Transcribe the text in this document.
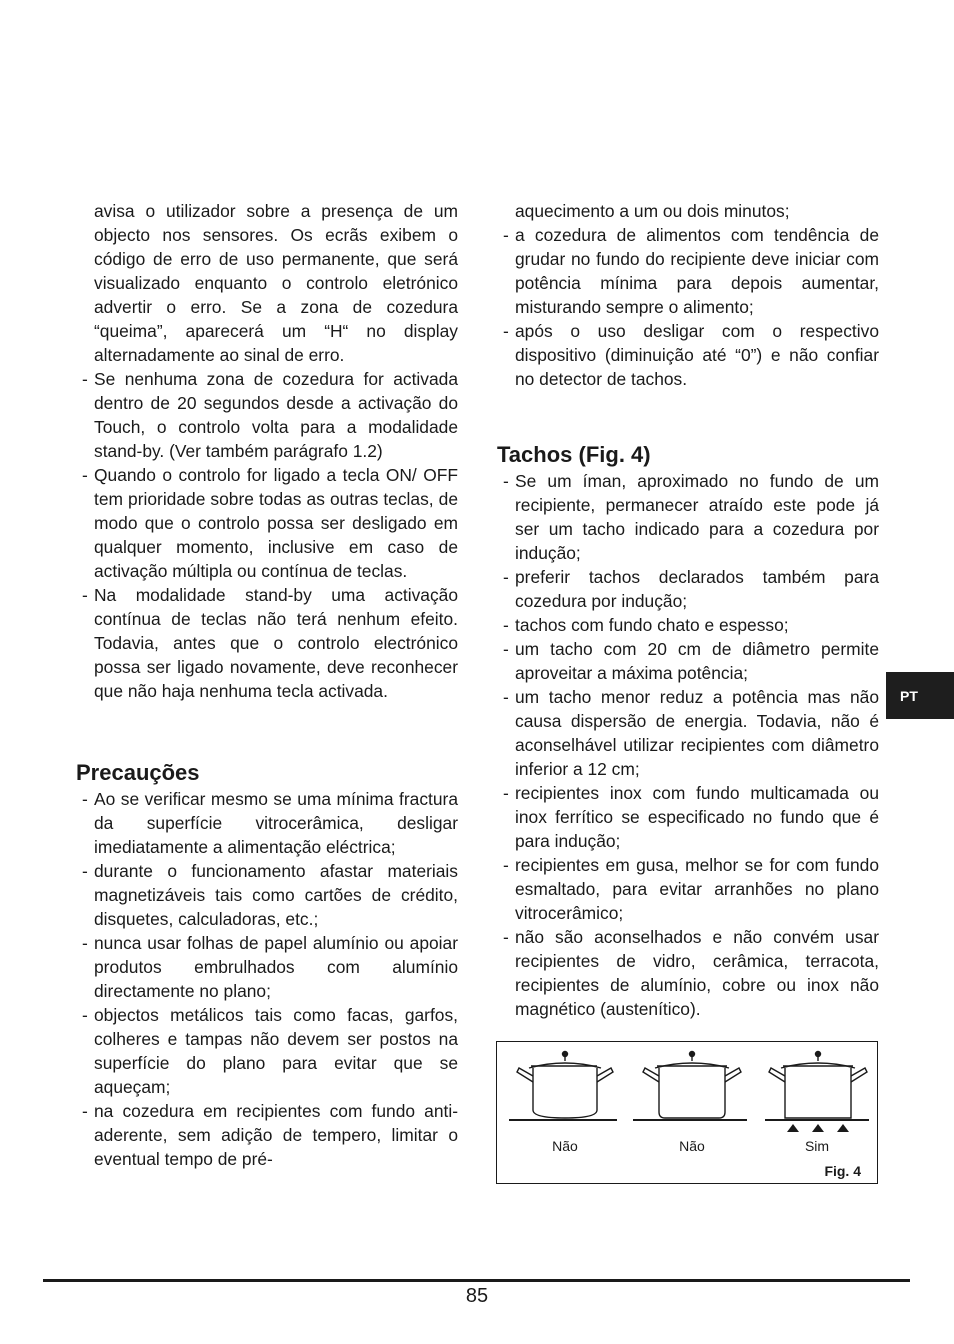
avisa o utilizador sobre a presença de um objecto nos sensores. Os ecrãs exibem o código de erro de uso permanente, que será visualizado enquanto o controlo eletrónico advertir o erro. Se a zona de cozedura “queima”, aparecerá um “H“ no display alternadamente ao sinal de erro.

- Se nenhuma zona de cozedura for activada dentro de 20 segundos desde a activação do Touch, o controlo volta para a modalidade stand-by. (Ver também parágrafo 1.2)
- Quando o controlo for ligado a tecla ON/ OFF tem prioridade sobre todas as outras teclas, de modo que o controlo possa ser desligado em qualquer momento, inclusive em caso de activação múltipla ou contínua de teclas.
- Na modalidade stand-by uma activação contínua de teclas não terá nenhum efeito. Todavia, antes que o controlo electrónico possa ser ligado novamente, deve reconhecer que não haja nenhuma tecla activada.
Precauções
- Ao se verificar mesmo se uma mínima fractura da superfície vitrocerâmica, desligar imediatamente a alimentação eléctrica;
- durante o funcionamento afastar materiais magnetizáveis tais como cartões de crédito, disquetes, calculadoras, etc.;
- nunca usar folhas de papel alumínio ou apoiar produtos embrulhados com alumínio directamente no plano;
- objectos metálicos tais como facas, garfos, colheres e tampas não devem ser postos na superfície do plano para evitar que se aqueçam;
- na cozedura em recipientes com fundo anti-aderente, sem adição de tempero, limitar o eventual tempo de pré-

aquecimento a um ou dois minutos;

- a cozedura de alimentos com tendência de grudar no fundo do recipiente deve iniciar com potência mínima para depois aumentar, misturando sempre o alimento;
- após o uso desligar com o respectivo dispositivo (diminuição até “0”) e não confiar no detector de tachos.
Tachos (Fig. 4)
- Se um íman, aproximado no fundo de um recipiente, permanecer atraído este pode já ser um tacho indicado para a cozedura por indução;
- preferir tachos declarados também para cozedura por indução;
- tachos com fundo chato e espesso;
- um tacho com 20 cm de diâmetro permite aproveitar a máxima potência;
- um tacho menor reduz a potência mas não causa dispersão de energia. Todavia, não é aconselhável utilizar recipientes com diâmetro inferior a 12 cm;
- recipientes inox com fundo multicamada ou inox ferrítico se especificado no fundo que é para indução;
- recipientes em gusa, melhor se for com fundo esmaltado, para evitar arranhões no plano vitrocerâmico;
- não são aconselhados e não convém usar recipientes de vidro, cerâmica, terracota, recipientes de alumínio, cobre ou inox não magnético (austenítico).
Não	Não	Sim
Fig. 4
PT
85
